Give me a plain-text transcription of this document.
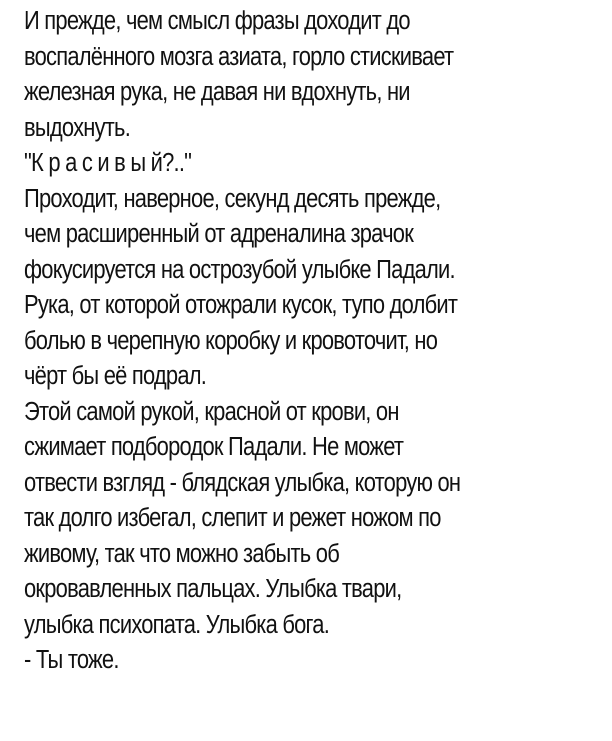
И прежде, чем смысл фразы доходит до
воспалённого мозга азиата, горло стискивает
железная рука, не давая ни вдохнуть, ни
выдохнуть.
"К р а с и в ы й?.."
Проходит, наверное, секунд десять прежде,
чем расширенный от адреналина зрачок
фокусируется на острозубой улыбке Падали.
Рука, от которой отожрали кусок, тупо долбит
болью в черепную коробку и кровоточит, но
чёрт бы её подрал.
Этой самой рукой, красной от крови, он
сжимает подбородок Падали. Не может
отвести взгляд - блядская улыбка, которую он
так долго избегал, слепит и режет ножом по
живому, так что можно забыть об
окровавленных пальцах. Улыбка твари,
улыбка психопата. Улыбка бога.
- Ты тоже.
